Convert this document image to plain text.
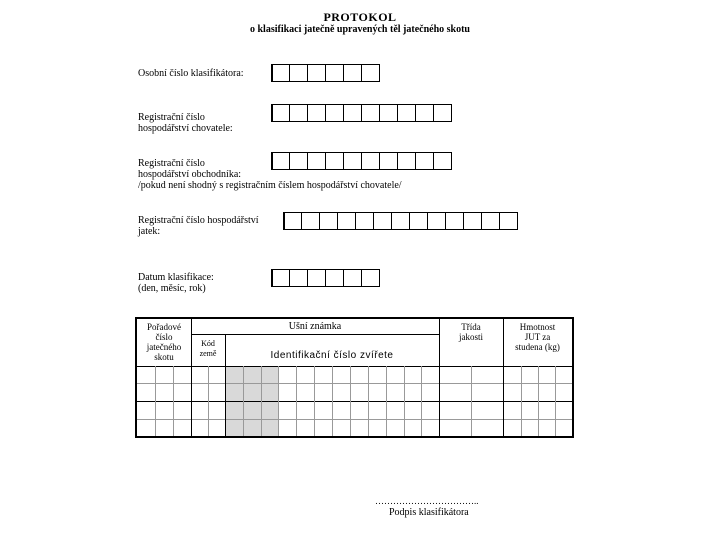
PROTOKOL
o klasifikaci jatečně upravených těl jatečného skotu
Osobní číslo klasifikátora:
Registrační číslo
hospodářství chovatele:
Registrační číslo
hospodářství obchodníka:
/pokud není shodný s registračním číslem hospodářství chovatele/
Registrační číslo hospodářství
jatek:
Datum klasifikace:
(den, měsíc, rok)
Pořadové
číslo
jatečného
skotu
Ušní známka
Kód
země	Identifikační číslo zvířete
Třída
jakosti
Hmotnost
JUT za
studena (kg)
……………………………..
Podpis klasifikátora
